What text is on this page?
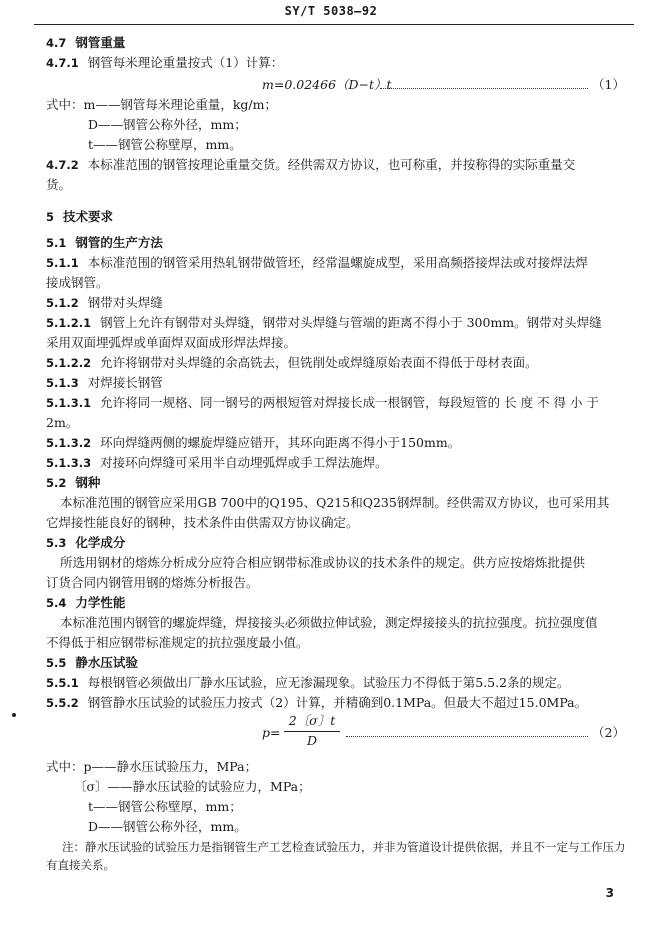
SY/T 5038—92
4.7 钢管重量
4.7.1 钢管每米理论重量按式（1）计算：
m=0.02466（D−t）t	（1）
式中：m——钢管每米理论重量，kg/m；
D——钢管公称外径，mm；
t——钢管公称壁厚，mm。
4.7.2 本标准范围的钢管按理论重量交货。经供需双方协议，也可称重，并按称得的实际重量交
货。
5 技术要求
5.1 钢管的生产方法
5.1.1 本标准范围的钢管采用热轧钢带做管坯，经常温螺旋成型，采用高频搭接焊法或对接焊法焊
接成钢管。
5.1.2 钢带对头焊缝
5.1.2.1 钢管上允许有钢带对头焊缝，钢带对头焊缝与管端的距离不得小于 300mm。钢带对头焊缝
采用双面埋弧焊或单面焊双面成形焊法焊接。
5.1.2.2 允许将钢带对头焊缝的余高铣去，但铣削处或焊缝原始表面不得低于母材表面。
5.1.3 对焊接长钢管
5.1.3.1 允许将同一规格、同一钢号的两根短管对焊接长成一根钢管，每段短管的 长 度 不 得 小 于
2m。
5.1.3.2 环向焊缝两侧的螺旋焊缝应错开，其环向距离不得小于150mm。
5.1.3.3 对接环向焊缝可采用半自动埋弧焊或手工焊法施焊。
5.2 钢种
本标准范围的钢管应采用GB 700中的Q195、Q215和Q235钢焊制。经供需双方协议，也可采用其
它焊接性能良好的钢种，技术条件由供需双方协议确定。
5.3 化学成分
所选用钢材的熔炼分析成分应符合相应钢带标准或协议的技术条件的规定。供方应按熔炼批提供
订货合同内钢管用钢的熔炼分析报告。
5.4 力学性能
本标准范围内钢管的螺旋焊缝，焊接接头必须做拉伸试验，测定焊接接头的抗拉强度。抗拉强度值
不得低于相应钢带标准规定的抗拉强度最小值。
5.5 静水压试验
5.5.1 每根钢管必须做出厂静水压试验，应无渗漏现象。试验压力不得低于第5.5.2条的规定。
5.5.2 钢管静水压试验的试验压力按式（2）计算，并精确到0.1MPa。但最大不超过15.0MPa。
p=
2〔σ〕t
D
（2）
式中：p——静水压试验压力，MPa；
〔σ〕——静水压试验的试验应力，MPa；
t——钢管公称壁厚，mm；
D——钢管公称外径，mm。
注：静水压试验的试验压力是指钢管生产工艺检查试验压力，并非为管道设计提供依据，并且不一定与工作压力
有直接关系。
3
